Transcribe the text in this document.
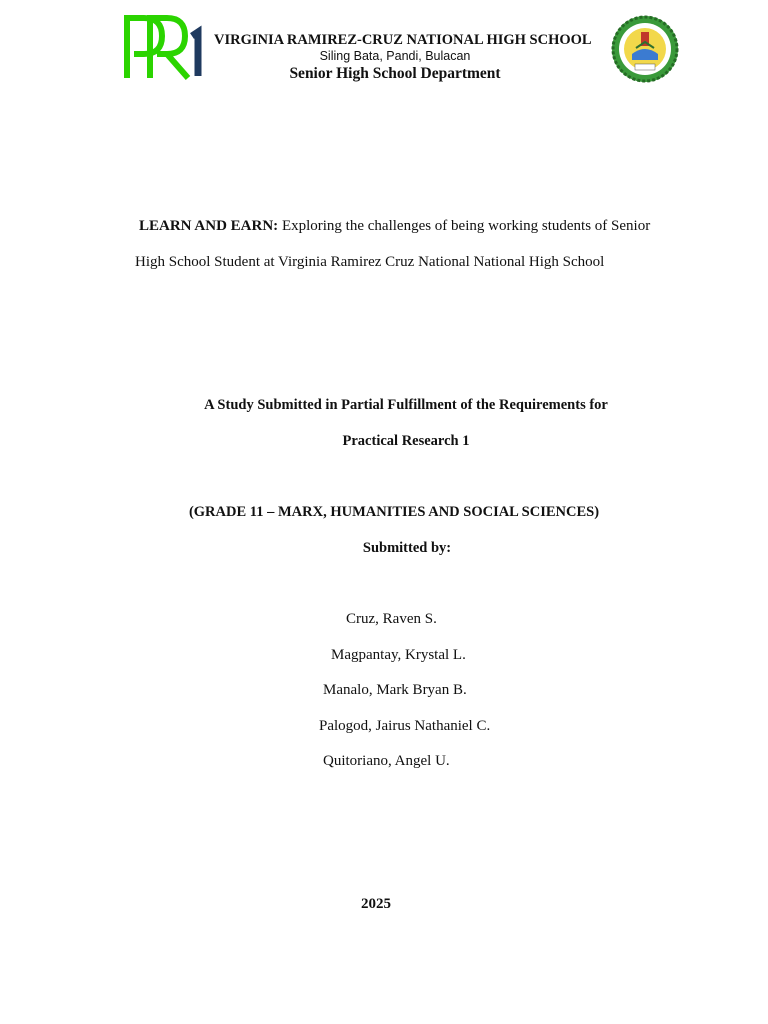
VIRGINIA RAMIREZ-CRUZ NATIONAL HIGH SCHOOL

Siling Bata, Pandi, Bulacan

Senior High School Department

LEARN AND EARN: Exploring the challenges of being working students of Senior

High School Student at Virginia Ramirez Cruz National National High School

A Study Submitted in Partial Fulfillment of the Requirements for

Practical Research 1

(GRADE 11 – MARX, HUMANITIES AND SOCIAL SCIENCES)

Submitted by:

Cruz, Raven S.

Magpantay, Krystal L.

Manalo, Mark Bryan B.

Palogod, Jairus Nathaniel C.

Quitoriano, Angel U.

2025
